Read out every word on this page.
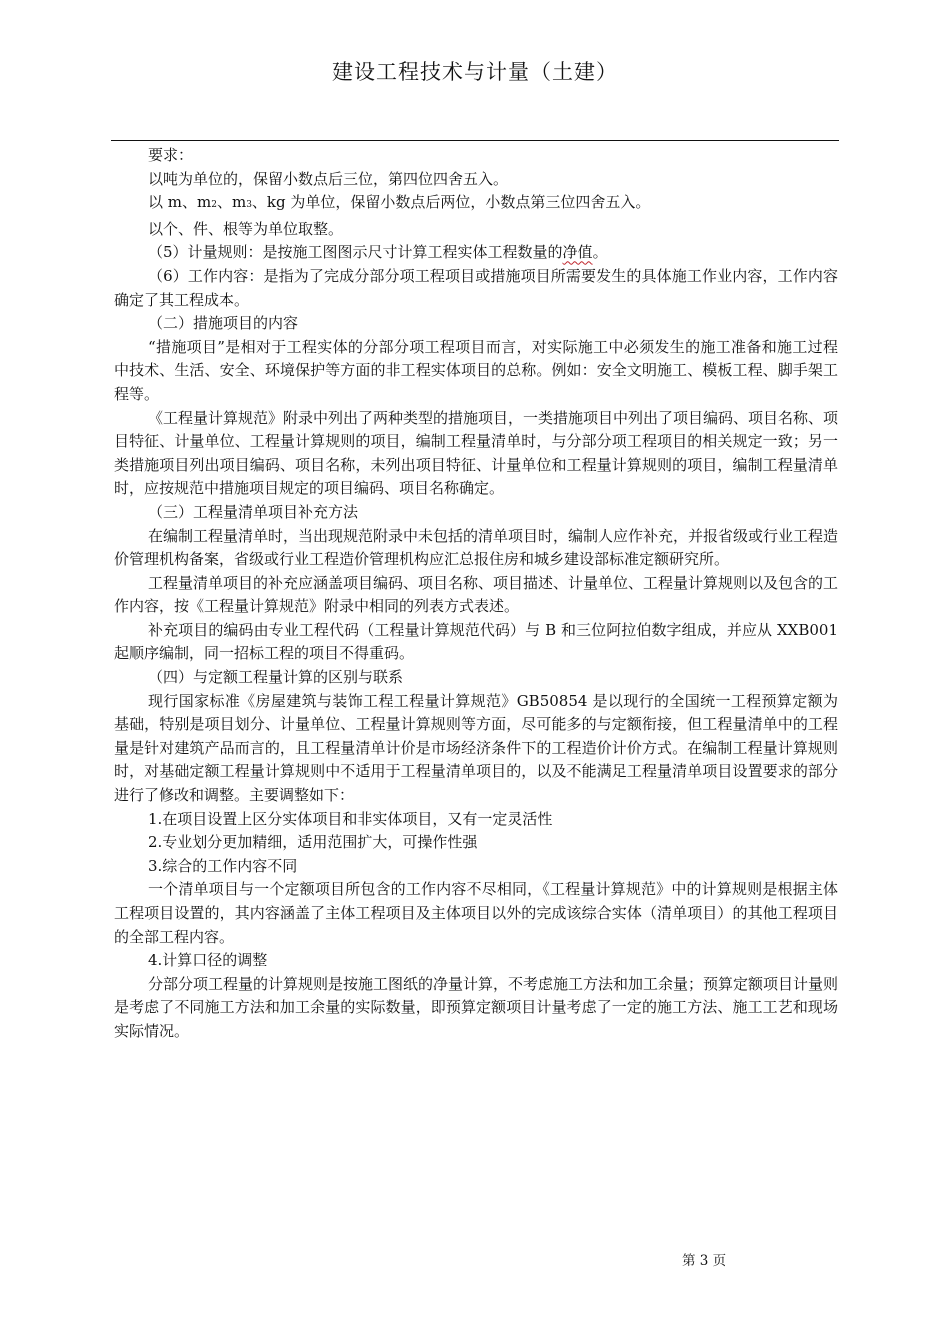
建设工程技术与计量（土建）

要求：

以吨为单位的，保留小数点后三位，第四位四舍五入。

以 m、m2、m3、kg 为单位，保留小数点后两位，小数点第三位四舍五入。

以个、件、根等为单位取整。

（5）计量规则：是按施工图图示尺寸计算工程实体工程数量的净值。

（6）工作内容：是指为了完成分部分项工程项目或措施项目所需要发生的具体施工作业内容，工作内容确定了其工程成本。

（二）措施项目的内容

“措施项目”是相对于工程实体的分部分项工程项目而言，对实际施工中必须发生的施工准备和施工过程中技术、生活、安全、环境保护等方面的非工程实体项目的总称。例如：安全文明施工、模板工程、脚手架工程等。

《工程量计算规范》附录中列出了两种类型的措施项目，一类措施项目中列出了项目编码、项目名称、项目特征、计量单位、工程量计算规则的项目，编制工程量清单时，与分部分项工程项目的相关规定一致；另一类措施项目列出项目编码、项目名称，未列出项目特征、计量单位和工程量计算规则的项目，编制工程量清单时，应按规范中措施项目规定的项目编码、项目名称确定。

（三）工程量清单项目补充方法

在编制工程量清单时，当出现规范附录中未包括的清单项目时，编制人应作补充，并报省级或行业工程造价管理机构备案，省级或行业工程造价管理机构应汇总报住房和城乡建设部标准定额研究所。

工程量清单项目的补充应涵盖项目编码、项目名称、项目描述、计量单位、工程量计算规则以及包含的工作内容，按《工程量计算规范》附录中相同的列表方式表述。

补充项目的编码由专业工程代码（工程量计算规范代码）与 B 和三位阿拉伯数字组成，并应从 XXB001 起顺序编制，同一招标工程的项目不得重码。

（四）与定额工程量计算的区别与联系

现行国家标准《房屋建筑与装饰工程工程量计算规范》GB50854 是以现行的全国统一工程预算定额为基础，特别是项目划分、计量单位、工程量计算规则等方面，尽可能多的与定额衔接，但工程量清单中的工程量是针对建筑产品而言的，且工程量清单计价是市场经济条件下的工程造价计价方式。在编制工程量计算规则时，对基础定额工程量计算规则中不适用于工程量清单项目的，以及不能满足工程量清单项目设置要求的部分进行了修改和调整。主要调整如下：

1.在项目设置上区分实体项目和非实体项目，又有一定灵活性

2.专业划分更加精细，适用范围扩大，可操作性强

3.综合的工作内容不同

一个清单项目与一个定额项目所包含的工作内容不尽相同，《工程量计算规范》中的计算规则是根据主体工程项目设置的，其内容涵盖了主体工程项目及主体项目以外的完成该综合实体（清单项目）的其他工程项目的全部工程内容。

4.计算口径的调整

分部分项工程量的计算规则是按施工图纸的净量计算，不考虑施工方法和加工余量；预算定额项目计量则是考虑了不同施工方法和加工余量的实际数量，即预算定额项目计量考虑了一定的施工方法、施工工艺和现场实际情况。

第 3 页
